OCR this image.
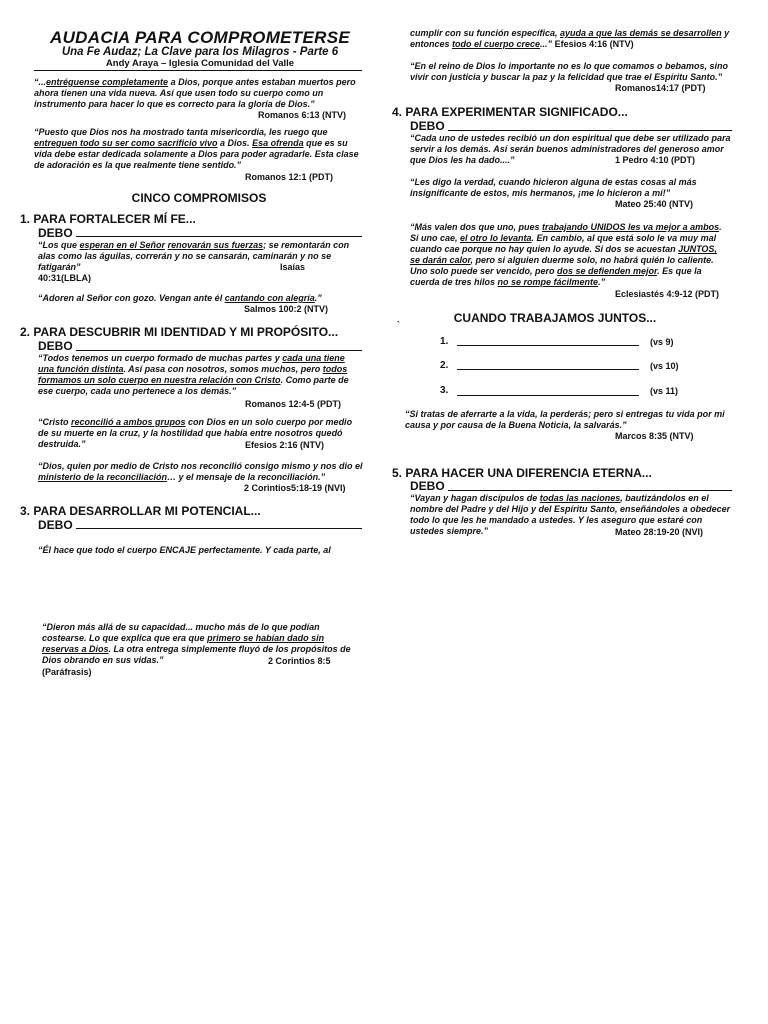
AUDACIA PARA COMPROMETERSE
Una Fe Audaz; La Clave para los Milagros - Parte 6
Andy Araya – Iglesia Comunidad del Valle
“...entréguense completamente a Dios, porque antes estaban muertos pero ahora tienen una vida nueva. Así que usen todo su cuerpo como un instrumento para hacer lo que es correcto para la gloria de Dios.”
Romanos 6:13 (NTV)
“Puesto que Dios nos ha mostrado tanta misericordia, les ruego que entreguen todo su ser como sacrificio vivo a Dios. Esa ofrenda que es su vida debe estar dedicada solamente a Dios para poder agradarle. Esta clase de adoración es la que realmente tiene sentido.”
Romanos 12:1 (PDT)
CINCO COMPROMISOS
1. PARA FORTALECER MÍ FE...
DEBO
“Los que esperan en el Señor renovarán sus fuerzas; se remontarán con alas como las águilas, correrán y no se cansarán, caminarán y no se fatigarán”	Isaías
40:31(LBLA)
“Adoren al Señor con gozo. Vengan ante él cantando con alegría.”
Salmos 100:2 (NTV)
2. PARA DESCUBRIR MI IDENTIDAD Y MI PROPÓSITO...
DEBO
“Todos tenemos un cuerpo formado de muchas partes y cada una tiene una función distinta. Así pasa con nosotros, somos muchos, pero todos formamos un solo cuerpo en nuestra relación con Cristo. Como parte de ese cuerpo, cada uno pertenece a los demás.”
Romanos 12:4-5 (PDT)
“Cristo reconcilió a ambos grupos con Dios en un solo cuerpo por medio de su muerte en la cruz, y la hostilidad que había entre nosotros quedó destruida.”	Efesios 2:16 (NTV)
“Dios, quien por medio de Cristo nos reconcilió consigo mismo y nos dio el ministerio de la reconciliación… y el mensaje de la reconciliación.”
2 Corintios5:18-19 (NVI)
3. PARA DESARROLLAR MI POTENCIAL...
DEBO
“Él hace que todo el cuerpo ENCAJE perfectamente. Y cada parte, al
“Dieron más allá de su capacidad... mucho más de lo que podían costearse. Lo que explica que era que primero se habían dado sin reservas a Dios. La otra entrega simplemente fluyó de los propósitos de Dios obrando en sus vidas.”	2 Corintios 8:5
(Paráfrasis)
cumplir con su función específica, ayuda a que las demás se desarrollen y entonces todo el cuerpo crece...” Efesios 4:16 (NTV)
“En el reino de Dios lo importante no es lo que comamos o bebamos, sino vivir con justicia y buscar la paz y la felicidad que trae el Espíritu Santo.”
Romanos14:17 (PDT)
4. PARA EXPERIMENTAR SIGNIFICADO...
DEBO
“Cada uno de ustedes recibió un don espiritual que debe ser utilizado para servir a los demás. Así serán buenos administradores del generoso amor que Dios les ha dado....”	1 Pedro 4:10 (PDT)
“Les digo la verdad, cuando hicieron alguna de estas cosas al más insignificante de estos, mis hermanos, ¡me lo hicieron a mí!”
Mateo 25:40 (NTV)
“Más valen dos que uno, pues trabajando UNIDOS les va mejor a ambos. Si uno cae, el otro lo levanta. En cambio, al que está solo le va muy mal cuando cae porque no hay quien lo ayude. Si dos se acuestan JUNTOS, se darán calor, pero si alguien duerme solo, no habrá quién lo caliente. Uno solo puede ser vencido, pero dos se defienden mejor. Es que la cuerda de tres hilos no se rompe fácilmente.”
Eclesiastés 4:9-12 (PDT)
`	CUANDO TRABAJAMOS JUNTOS...
1.	(vs 9)
2.	(vs 10)
3.	(vs 11)
“Si tratas de aferrarte a la vida, la perderás; pero si entregas tu vida por mi causa y por causa de la Buena Noticia, la salvarás.”
Marcos 8:35 (NTV)
5. PARA HACER UNA DIFERENCIA ETERNA...
DEBO
“Vayan y hagan discípulos de todas las naciones, bautizándolos en el nombre del Padre y del Hijo y del Espíritu Santo, enseñándoles a obedecer todo lo que les he mandado a ustedes. Y les aseguro que estaré con ustedes siempre.”	Mateo 28:19-20 (NVI)
